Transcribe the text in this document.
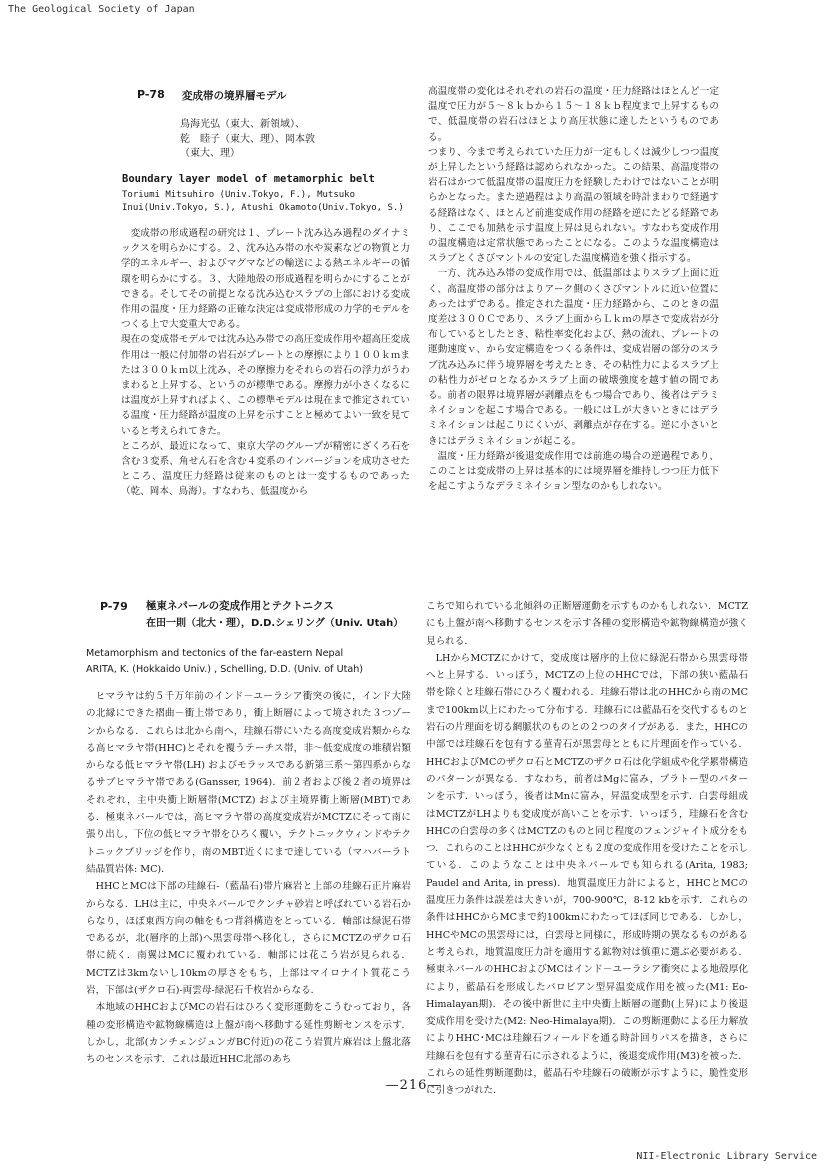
The Geological Society of Japan
P-78 変成帯の境界層モデル
鳥海光弘（東大、新領域）、
乾　睦子（東大、理）、岡本敦
（東大、理）
Boundary layer model of metamorphic belt
Toriumi Mitsuhiro (Univ.Tokyo, F.), Mutsuko
Inui(Univ.Tokyo, S.), Atushi Okamoto(Univ.Tokyo, S.)

変成帯の形成過程の研究は１、プレート沈み込み過程のダイナミックスを明らかにする。２、沈み込み帯の水や炭素などの物質と力学的エネルギー、およびマグマなどの輸送による熱エネルギーの循環を明らかにする。３、大陸地殻の形成過程を明らかにすることができる。そしてその前提となる沈み込むスラブの上部における変成作用の温度・圧力経路の正確な決定は変成帯形成の力学的モデルをつくる上で大変重大である。

現在の変成帯モデルでは沈み込み帯での高圧変成作用や超高圧変成作用は一般に付加帯の岩石がプレートとの摩擦により１００ｋｍまたは３００ｋｍ以上沈み、その摩擦力をそれらの岩石の浮力がうわまわると上昇する、というのが標準である。摩擦力が小さくなるには温度が上昇すればよく、この標準モデルは現在まで推定されている温度・圧力経路が温度の上昇を示すことと極めてよい一致を見ていると考えられてきた。

ところが、最近になって、東京大学のグループが精密にざくろ石を含む３変系、角せん石を含む４変系のインバージョンを成功させたところ、温度圧力経路は従来のものとは一変するものであった（乾、岡本、鳥海）。すなわち、低温度から

高温度帯の変化はそれぞれの岩石の温度・圧力経路はほとんど一定温度で圧力が５～８ｋｂから１５～１８ｋｂ程度まで上昇するもので、低温度帯の岩石はほとより高圧状態に達したというものである。

つまり、今まで考えられていた圧力が一定もしくは減少しつつ温度が上昇したという経路は認められなかった。この結果、高温度帯の岩石はかつて低温度帯の温度圧力を経験したわけではないことが明らかとなった。また逆過程はより高温の領域を時計まわりで経過する経路はなく、ほとんど前進変成作用の経路を逆にたどる経路であり、ここでも加熱を示す温度上昇は見られない。すなわち変成作用の温度構造は定常状態であったことになる。このような温度構造はスラブとくさびマントルの安定した温度構造を強く指示する。

一方、沈み込み帯の変成作用では、低温部はよりスラブ上面に近く、高温度帯の部分はよりアーク側のくさびマントルに近い位置にあったはずである。推定された温度・圧力経路から、このときの温度差は３００Ｃであり、スラブ上面からＬｋｍの厚さで変成岩が分布しているとしたとき、粘性率変化および、熱の流れ、プレートの運動速度ｖ、から安定構造をつくる条件は、変成岩層の部分のスラブ沈み込みに伴う境界層を考えたとき、その粘性力によるスラブ上の粘性力がゼロとなるかスラブ上面の破壊強度を越す値の間である。前者の限界は境界層が剥離点をもつ場合であり、後者はデラミネイションを起こす場合である。一般にはＬが大きいときにはデラミネイションは起こりにくいが、剥離点が存在する。逆に小さいときにはデラミネイションが起こる。

温度・圧力経路が後退変成作用では前進の場合の逆過程であり、このことは変成帯の上昇は基本的には境界層を維持しつつ圧力低下を起こすようなデラミネイション型なのかもしれない。

P-79 極東ネパールの変成作用とテクトニクス
在田一則（北大・理），D.D.シェリング（Univ. Utah）
Metamorphism and tectonics of the far-eastern Nepal
ARITA, K. (Hokkaido Univ.) , Schelling, D.D. (Univ. of Utah)

ヒマラヤは約５千万年前のインド－ユーラシア衝突の後に，インド大陸の北縁にできた褶曲－衝上帯であり，衝上断層によって境された３つゾーンからなる．これらは北から南へ，珪線石帯にいたる高度変成岩類からなる高ヒマラヤ帯(HHC)とそれを覆うテーチス帯，非～低変成度の堆積岩類からなる低ヒマラヤ帯(LH) およびモラッスである新第三系～第四系からなるサブヒマラヤ帯である(Gansser, 1964)．前２者および後２者の境界はそれぞれ，主中央衝上断層帯(MCTZ) および主境界衝上断層(MBT)である．極東ネパールでは，高ヒマラヤ帯の高度変成岩がMCTZにそって南に張り出し，下位の低ヒマラヤ帯をひろく覆い，テクトニックウィンドやテクトニックブリッジを作り，南のMBT近くにまで達している（マハバーラト結晶質岩体: MC)．

HHCとMCは下部の珪線石-（藍晶石)帯片麻岩と上部の珪線石正片麻岩からなる．LHは主に，中央ネパールでクンチャ砂岩と呼ばれている岩石からなり，ほぼ東西方向の軸をもつ背斜構造をとっている．軸部は緑泥石帯であるが，北(層序的上部)へ黒雲母帯へ移化し，さらにMCTZのザクロ石帯に続く．南翼はMCに覆われている．軸部には花こう岩が見られる．MCTZは3kmないし10kmの厚さをもち，上部はマイロナイト質花こう岩，下部は(ザクロ石)-両雲母-緑泥石千枚岩からなる．

本地域のHHCおよびMCの岩石はひろく変形運動をこうむっており，各種の変形構造や鉱物線構造は上盤が南へ移動する延性剪断センスを示す．しかし，北部(カンチェンジュンガBC付近)の花こう岩質片麻岩は上盤北落ちのセンスを示す．これは最近HHC北部のあち

こちで知られている北傾斜の正断層運動を示すものかもしれない．MCTZにも上盤が南へ移動するセンスを示す各種の変形構造や鉱物線構造が強く見られる．

LHからMCTZにかけて，変成度は層序的上位に緑泥石帯から黒雲母帯へと上昇する．いっぽう，MCTZの上位のHHCでは，下部の狭い藍晶石帯を除くと珪線石帯にひろく覆われる．珪線石帯は北のHHCから南のMCまで100km以上にわたって分布する．珪線石には藍晶石を交代するものと岩石の片理面を切る網脈状のものとの２つのタイプがある．また，HHCの中部では珪線石を包有する菫青石が黒雲母とともに片理面を作っている．HHCおよびMCのザクロ石とMCTZのザクロ石は化学組成や化学累帯構造のパターンが異なる．すなわち，前者はMgに富み，プラトー型のパターンを示す．いっぽう，後者はMnに富み，昇温変成型を示す．白雲母組成はMCTZがLHよりも変成度が高いことを示す．いっぽう，珪線石を含むHHCの白雲母の多くはMCTZのものと同じ程度のフェンジャイト成分をもつ．これらのことはHHCが少なくとも２度の変成作用を受けたことを示している．このようなことは中央ネパールでも知られる(Arita, 1983; Paudel and Arita, in press)．地質温度圧力計によると，HHCとMCの温度圧力条件は誤差は大きいが，700-900℃，8-12 kbを示す．これらの条件はHHCからMCまで約100kmにわたってほぼ同じである．しかし，HHCやMCの黒雲母には，白雲母と同様に，形成時期の異なるものがあると考えられ，地質温度圧力計を適用する鉱物対は慎重に選ぶ必要がある．極東ネパールのHHCおよびMCはインド－ユーラシア衝突による地殻厚化により，藍晶石を形成したバロビアン型昇温変成作用を被った(M1: Eo-Himalayan期)．その後中新世に主中央衝上断層の運動(上昇)により後退変成作用を受けた(M2: Neo-Himalaya期)．この剪断運動による圧力解放によりHHC･MCは珪線石フィールドを通る時計回りパスを描き，さらに珪線石を包有する菫青石に示されるように，後退変成作用(M3)を被った．これらの延性剪断運動は，藍晶石や珪線石の破断が示すように，脆性変形に引きつがれた．

—216—
NII-Electronic Library Service
